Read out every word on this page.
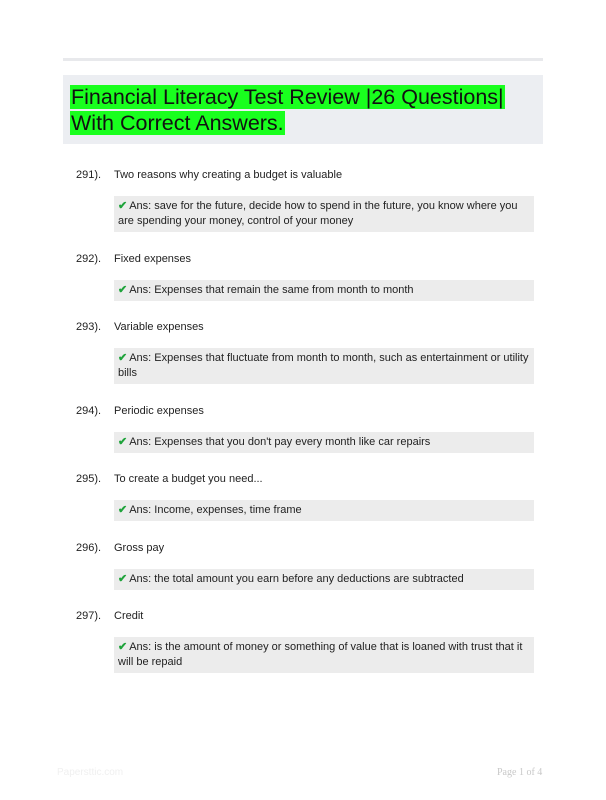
Financial Literacy Test Review |26 Questions| With Correct Answers.
291). Two reasons why creating a budget is valuable
✔ Ans: save for the future, decide how to spend in the future, you know where you are spending your money, control of your money
292). Fixed expenses
✔ Ans: Expenses that remain the same from month to month
293). Variable expenses
✔ Ans: Expenses that fluctuate from month to month, such as entertainment or utility bills
294). Periodic expenses
✔ Ans: Expenses that you don't pay every month like car repairs
295). To create a budget you need...
✔ Ans: Income, expenses, time frame
296). Gross pay
✔ Ans: the total amount you earn before any deductions are subtracted
297). Credit
✔ Ans: is the amount of money or something of value that is loaned with trust that it will be repaid
Papersttic.com	Page 1 of 4
